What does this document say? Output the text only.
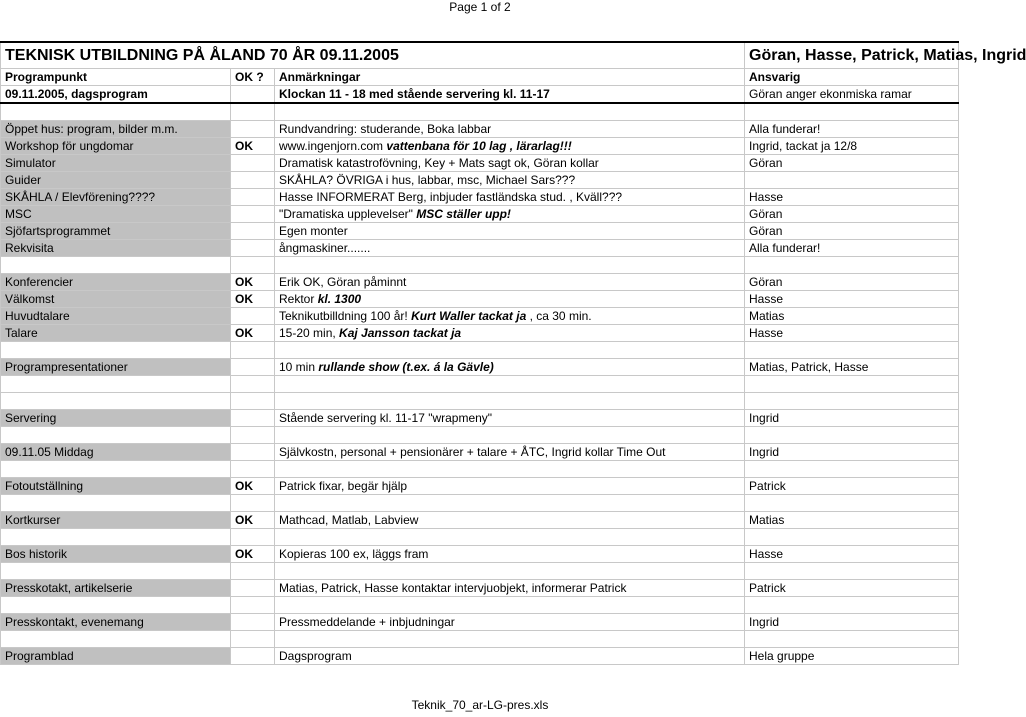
Page 1 of 2
TEKNISK UTBILDNING PÅ ÅLAND 70 ÅR 09.11.2005			Göran, Hasse, Patrick, Matias, Ingrid
Programpunkt	OK ?	Anmärkningar	Ansvarig
09.11.2005, dagsprogram		Klockan 11 - 18 med stående servering kl. 11-17	Göran anger ekonmiska ramar

Öppet hus: program, bilder m.m.		Rundvandring: studerande, Boka labbar	Alla funderar!
Workshop för ungdomar	OK	www.ingenjorn.com vattenbana för 10 lag , lärarlag!!!	Ingrid, tackat ja 12/8
Simulator		Dramatisk katastrofövning, Key + Mats sagt ok, Göran kollar	Göran
Guider		SKÅHLA? ÖVRIGA i hus, labbar, msc, Michael Sars???	
SKÅHLA / Elevförening????		Hasse INFORMERAT Berg, inbjuder fastländska stud. , Kväll???	Hasse
MSC		"Dramatiska upplevelser" MSC ställer upp!	Göran
Sjöfartsprogrammet		Egen monter	Göran
Rekvisita		ångmaskiner.......	Alla funderar!

Konferencier	OK	Erik OK, Göran påminnt	Göran
Välkomst	OK	Rektor kl. 1300	Hasse
Huvudtalare		Teknikutbilldning 100 år! Kurt Waller tackat ja , ca 30 min.	Matias
Talare	OK	15-20 min, Kaj Jansson tackat ja	Hasse

Programpresentationer		10 min rullande show (t.ex. á la Gävle)	Matias, Patrick, Hasse

Servering		Stående servering kl. 11-17 "wrapmeny"	Ingrid

09.11.05 Middag		Självkostn, personal + pensionärer + talare + ÅTC, Ingrid kollar Time Out	Ingrid

Fotoutställning	OK	Patrick fixar, begär hjälp	Patrick

Kortkurser	OK	Mathcad, Matlab, Labview	Matias

Bos historik	OK	Kopieras 100 ex, läggs fram	Hasse

Presskotakt, artikelserie		Matias, Patrick, Hasse kontaktar intervjuobjekt, informerar Patrick	Patrick

Presskontakt, evenemang		Pressmeddelande + inbjudningar	Ingrid

Programblad		Dagsprogram	Hela gruppe
Teknik_70_ar-LG-pres.xls
